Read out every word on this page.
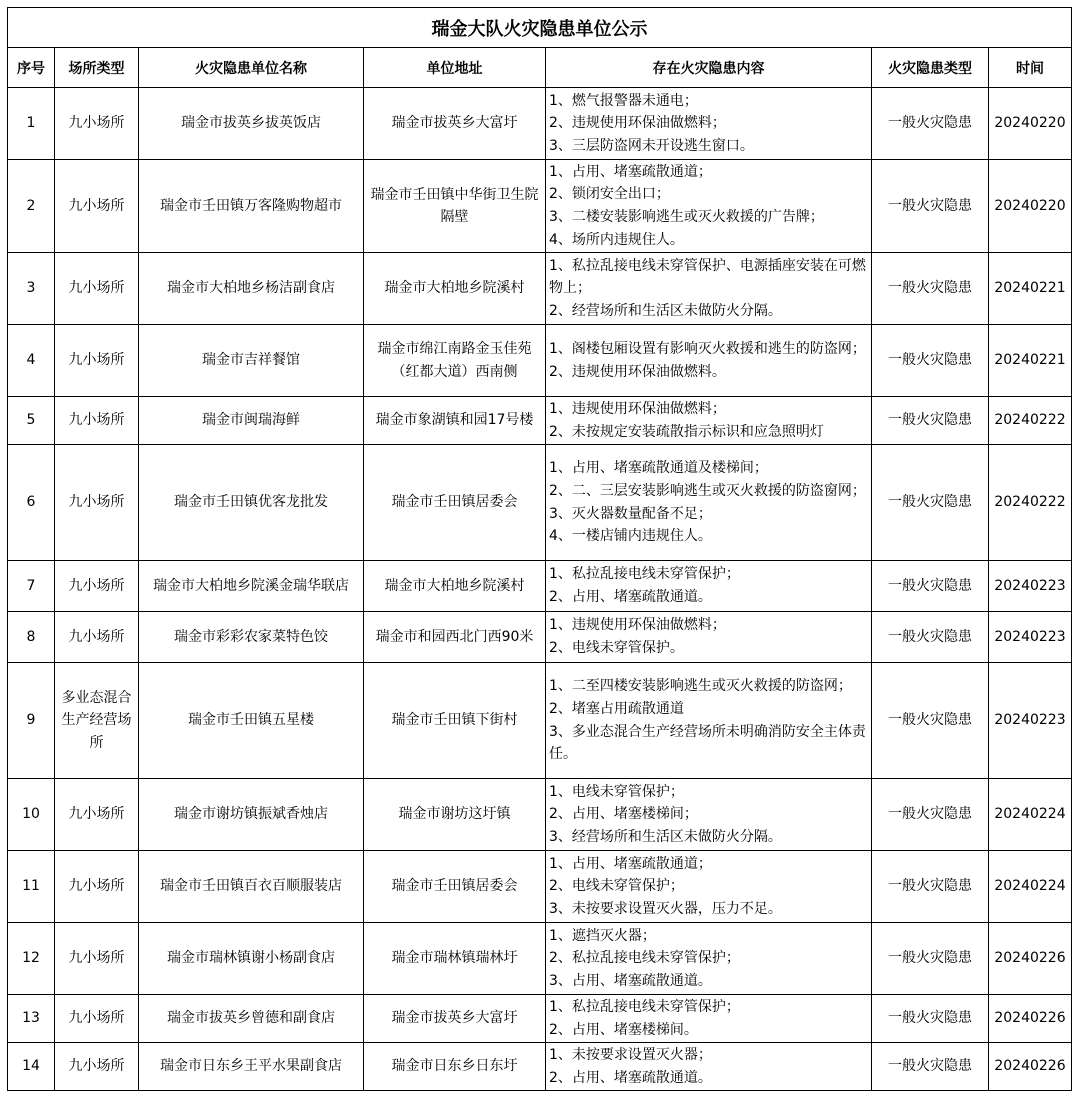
瑞金大队火灾隐患单位公示						
序号	场所类型	火灾隐患单位名称	单位地址	存在火灾隐患内容	火灾隐患类型	时间
1	九小场所	瑞金市拔英乡拔英饭店	瑞金市拔英乡大富圩	1、燃气报警器未通电；
2、违规使用环保油做燃料；
3、三层防盗网未开设逃生窗口。	一般火灾隐患	20240220
2	九小场所	瑞金市壬田镇万客隆购物超市	瑞金市壬田镇中华街卫生院隔壁	1、占用、堵塞疏散通道；
2、锁闭安全出口；
3、二楼安装影响逃生或灭火救援的广告牌；
4、场所内违规住人。	一般火灾隐患	20240220
3	九小场所	瑞金市大柏地乡杨洁副食店	瑞金市大柏地乡院溪村	1、私拉乱接电线未穿管保护、电源插座安装在可燃物上；
2、经营场所和生活区未做防火分隔。	一般火灾隐患	20240221
4	九小场所	瑞金市吉祥餐馆	瑞金市绵江南路金玉佳苑（红都大道）西南侧	1、阁楼包厢设置有影响灭火救援和逃生的防盗网；
2、违规使用环保油做燃料。	一般火灾隐患	20240221
5	九小场所	瑞金市闽瑞海鲜	瑞金市象湖镇和园17号楼	1、违规使用环保油做燃料；
2、未按规定安装疏散指示标识和应急照明灯	一般火灾隐患	20240222
6	九小场所	瑞金市壬田镇优客龙批发	瑞金市壬田镇居委会	1、占用、堵塞疏散通道及楼梯间；
2、二、三层安装影响逃生或灭火救援的防盗窗网；
3、灭火器数量配备不足；
4、一楼店铺内违规住人。	一般火灾隐患	20240222
7	九小场所	瑞金市大柏地乡院溪金瑞华联店	瑞金市大柏地乡院溪村	1、私拉乱接电线未穿管保护；
2、占用、堵塞疏散通道。	一般火灾隐患	20240223
8	九小场所	瑞金市彩彩农家菜特色饺	瑞金市和园西北门西90米	1、违规使用环保油做燃料；
2、电线未穿管保护。	一般火灾隐患	20240223
9	多业态混合生产经营场所	瑞金市壬田镇五星楼	瑞金市壬田镇下街村	1、二至四楼安装影响逃生或灭火救援的防盗网；
2、堵塞占用疏散通道
3、多业态混合生产经营场所未明确消防安全主体责任。	一般火灾隐患	20240223
10	九小场所	瑞金市谢坊镇振斌香烛店	瑞金市谢坊这圩镇	1、电线未穿管保护；
2、占用、堵塞楼梯间；
3、经营场所和生活区未做防火分隔。	一般火灾隐患	20240224
11	九小场所	瑞金市壬田镇百衣百顺服装店	瑞金市壬田镇居委会	1、占用、堵塞疏散通道；
2、电线未穿管保护；
3、未按要求设置灭火器，压力不足。	一般火灾隐患	20240224
12	九小场所	瑞金市瑞林镇谢小杨副食店	瑞金市瑞林镇瑞林圩	1、遮挡灭火器；
2、私拉乱接电线未穿管保护；
3、占用、堵塞疏散通道。	一般火灾隐患	20240226
13	九小场所	瑞金市拔英乡曾德和副食店	瑞金市拔英乡大富圩	1、私拉乱接电线未穿管保护；
2、占用、堵塞楼梯间。	一般火灾隐患	20240226
14	九小场所	瑞金市日东乡王平水果副食店	瑞金市日东乡日东圩	1、未按要求设置灭火器；
2、占用、堵塞疏散通道。	一般火灾隐患	20240226
